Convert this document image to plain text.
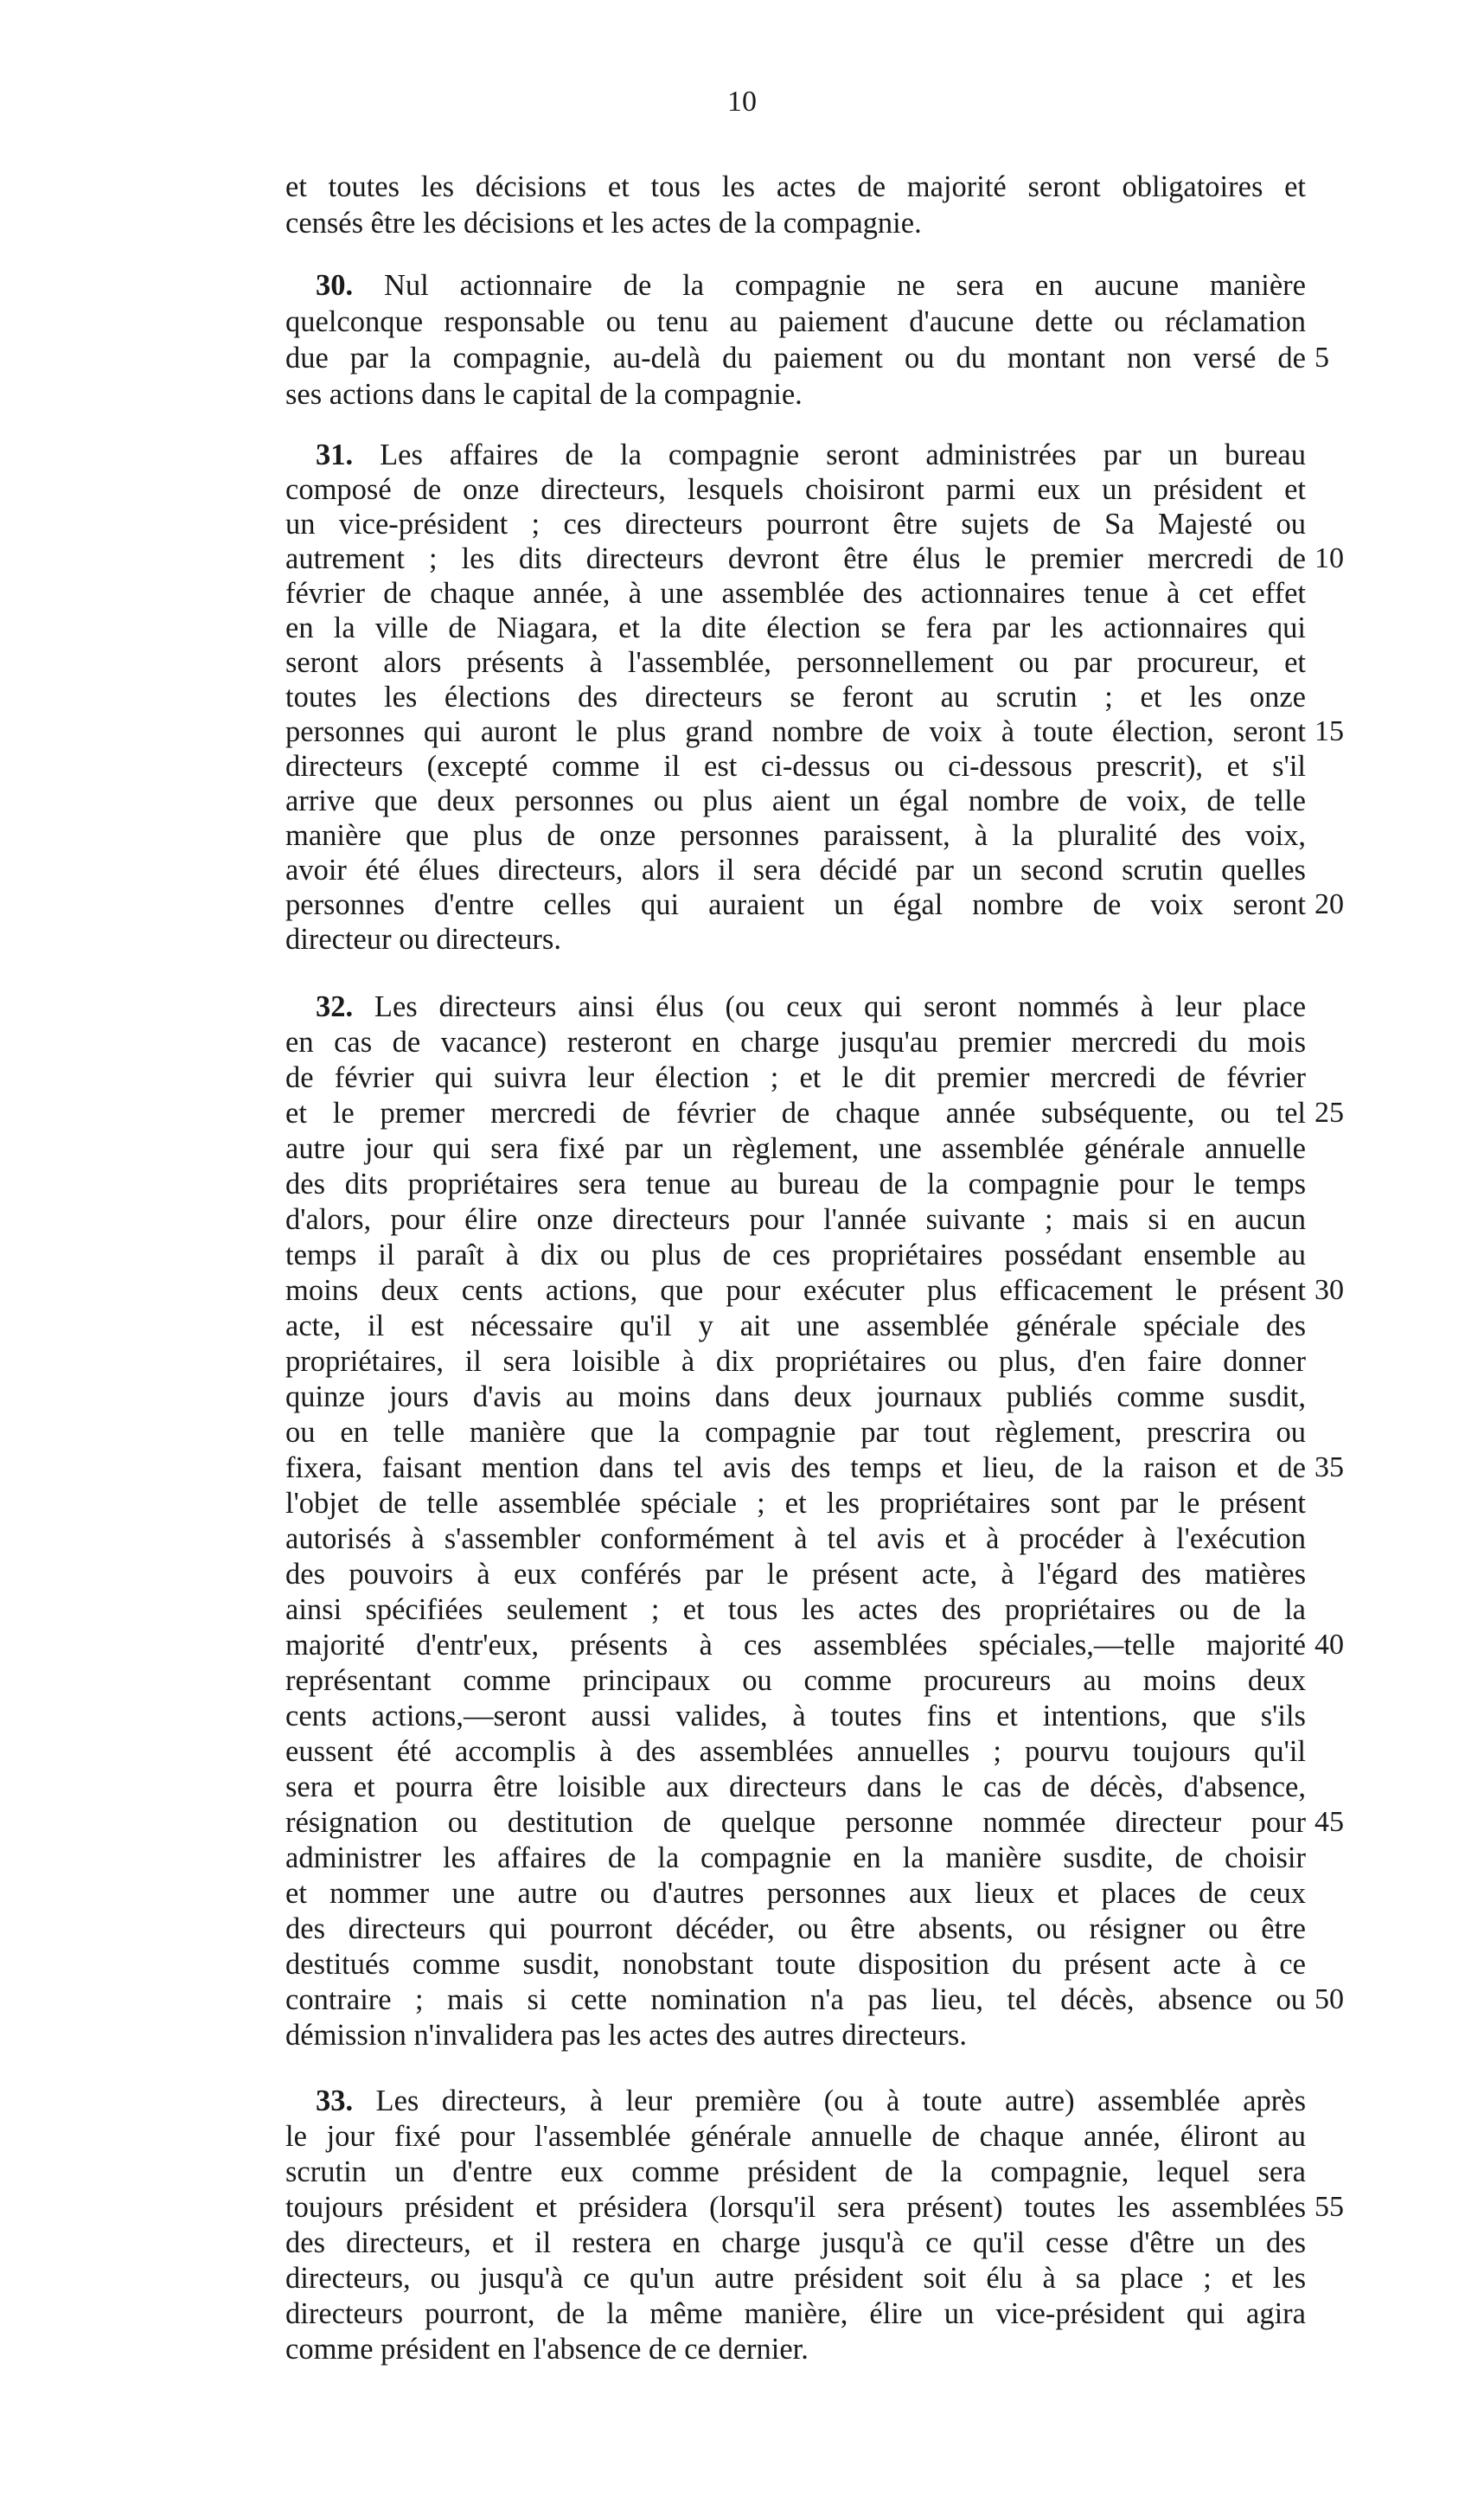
10
et toutes les décisions et tous les actes de majorité seront obligatoires et
censés être les décisions et les actes de la compagnie.
30. Nul actionnaire de la compagnie ne sera en aucune manière
quelconque responsable ou tenu au paiement d'aucune dette ou réclamation
due par la compagnie, au-delà du paiement ou du montant non versé de
ses actions dans le capital de la compagnie.
31. Les affaires de la compagnie seront administrées par un bureau
composé de onze directeurs, lesquels choisiront parmi eux un président et
un vice-président ; ces directeurs pourront être sujets de Sa Majesté ou
autrement ; les dits directeurs devront être élus le premier mercredi de
février de chaque année, à une assemblée des actionnaires tenue à cet effet
en la ville de Niagara, et la dite élection se fera par les actionnaires qui
seront alors présents à l'assemblée, personnellement ou par procureur, et
toutes les élections des directeurs se feront au scrutin ; et les onze
personnes qui auront le plus grand nombre de voix à toute élection, seront
directeurs (excepté comme il est ci-dessus ou ci-dessous prescrit), et s'il
arrive que deux personnes ou plus aient un égal nombre de voix, de telle
manière que plus de onze personnes paraissent, à la pluralité des voix,
avoir été élues directeurs, alors il sera décidé par un second scrutin quelles
personnes d'entre celles qui auraient un égal nombre de voix seront
directeur ou directeurs.
32. Les directeurs ainsi élus (ou ceux qui seront nommés à leur place
en cas de vacance) resteront en charge jusqu'au premier mercredi du mois
de février qui suivra leur élection ; et le dit premier mercredi de février
et le premer mercredi de février de chaque année subséquente, ou tel
autre jour qui sera fixé par un règlement, une assemblée générale annuelle
des dits propriétaires sera tenue au bureau de la compagnie pour le temps
d'alors, pour élire onze directeurs pour l'année suivante ; mais si en aucun
temps il paraît à dix ou plus de ces propriétaires possédant ensemble au
moins deux cents actions, que pour exécuter plus efficacement le présent
acte, il est nécessaire qu'il y ait une assemblée générale spéciale des
propriétaires, il sera loisible à dix propriétaires ou plus, d'en faire donner
quinze jours d'avis au moins dans deux journaux publiés comme susdit,
ou en telle manière que la compagnie par tout règlement, prescrira ou
fixera, faisant mention dans tel avis des temps et lieu, de la raison et de
l'objet de telle assemblée spéciale ; et les propriétaires sont par le présent
autorisés à s'assembler conformément à tel avis et à procéder à l'exécution
des pouvoirs à eux conférés par le présent acte, à l'égard des matières
ainsi spécifiées seulement ; et tous les actes des propriétaires ou de la
majorité d'entr'eux, présents à ces assemblées spéciales,—telle majorité
représentant comme principaux ou comme procureurs au moins deux
cents actions,—seront aussi valides, à toutes fins et intentions, que s'ils
eussent été accomplis à des assemblées annuelles ; pourvu toujours qu'il
sera et pourra être loisible aux directeurs dans le cas de décès, d'absence,
résignation ou destitution de quelque personne nommée directeur pour
administrer les affaires de la compagnie en la manière susdite, de choisir
et nommer une autre ou d'autres personnes aux lieux et places de ceux
des directeurs qui pourront décéder, ou être absents, ou résigner ou être
destitués comme susdit, nonobstant toute disposition du présent acte à ce
contraire ; mais si cette nomination n'a pas lieu, tel décès, absence ou
démission n'invalidera pas les actes des autres directeurs.
33. Les directeurs, à leur première (ou à toute autre) assemblée après
le jour fixé pour l'assemblée générale annuelle de chaque année, éliront au
scrutin un d'entre eux comme président de la compagnie, lequel sera
toujours président et présidera (lorsqu'il sera présent) toutes les assemblées
des directeurs, et il restera en charge jusqu'à ce qu'il cesse d'être un des
directeurs, ou jusqu'à ce qu'un autre président soit élu à sa place ; et les
directeurs pourront, de la même manière, élire un vice-président qui agira
comme président en l'absence de ce dernier.
5
10
15
20
25
30
35
40
45
50
55
